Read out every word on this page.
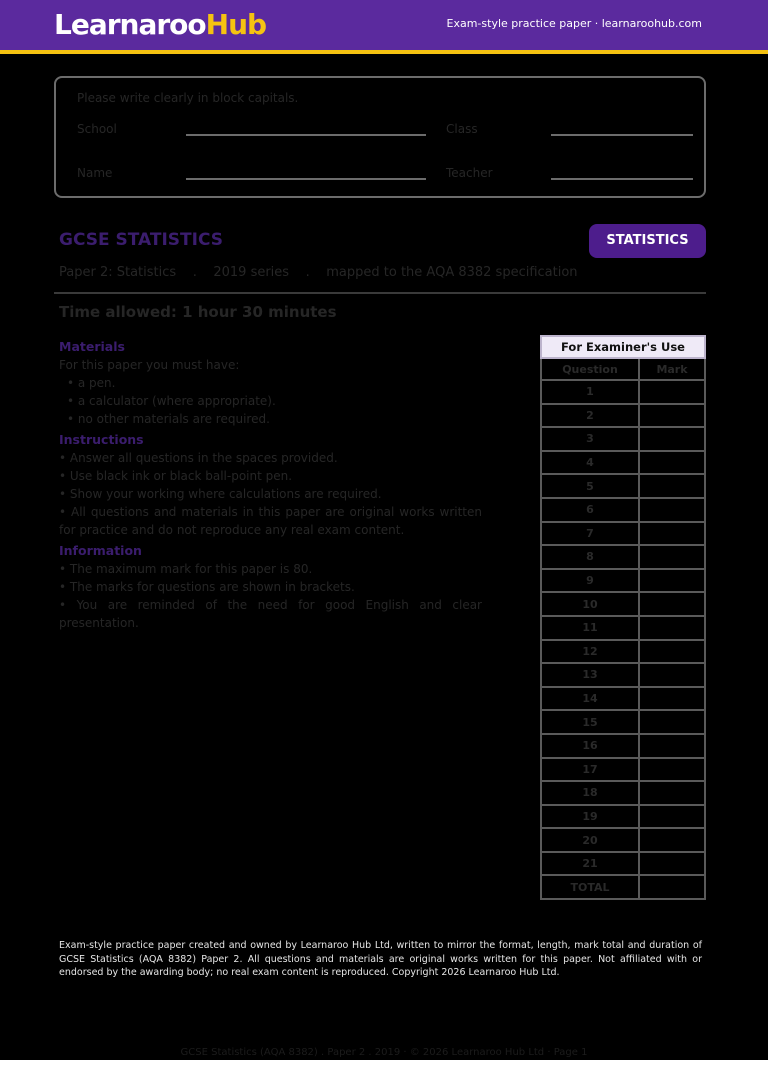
LearnarooHub	Exam-style practice paper · learnaroohub.com
Please write clearly in block capitals.
School	Class
Name	Teacher
GCSE STATISTICS	STATISTICS
Paper 2: Statistics    .    2019 series    .    mapped to the AQA 8382 specification
Time allowed: 1 hour 30 minutes
Materials

For this paper you must have:

• a pen.
• a calculator (where appropriate).
• no other materials are required.
Instructions
• Answer all questions in the spaces provided.
• Use black ink or black ball-point pen.
• Show your working where calculations are required.
• All questions and materials in this paper are original works written for practice and do not reproduce any real exam content.
Information
• The maximum mark for this paper is 80.
• The marks for questions are shown in brackets.
• You are reminded of the need for good English and clear presentation.
For Examiner's Use	
Question	Mark
1	
2	
3	
4	
5	
6	
7	
8	
9	
10	
11	
12	
13	
14	
15	
16	
17	
18	
19	
20	
21	
TOTAL	
Exam-style practice paper created and owned by Learnaroo Hub Ltd, written to mirror the format, length, mark total and duration of GCSE Statistics (AQA 8382) Paper 2. All questions and materials are original works written for this paper. Not affiliated with or endorsed by the awarding body; no real exam content is reproduced. Copyright 2026 Learnaroo Hub Ltd.
GCSE Statistics (AQA 8382) . Paper 2 . 2019 · © 2026 Learnaroo Hub Ltd · Page 1
